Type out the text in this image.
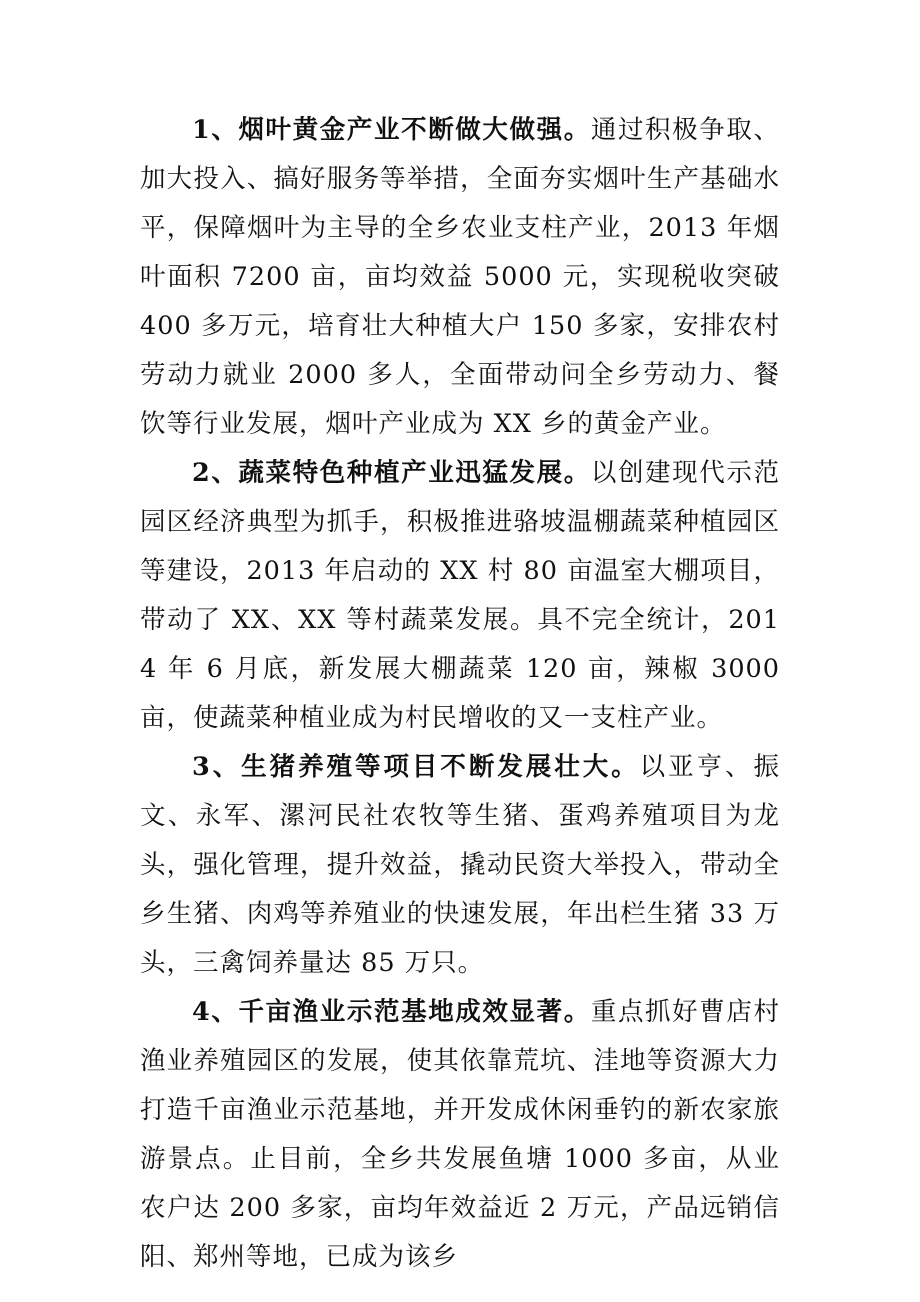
1、烟叶黄金产业不断做大做强。通过积极争取、加大投入、搞好服务等举措，全面夯实烟叶生产基础水平，保障烟叶为主导的全乡农业支柱产业，2013 年烟叶面积 7200 亩，亩均效益 5000 元，实现税收突破 400 多万元，培育壮大种植大户 150 多家，安排农村劳动力就业 2000 多人，全面带动问全乡劳动力、餐饮等行业发展，烟叶产业成为 XX 乡的黄金产业。

2、蔬菜特色种植产业迅猛发展。以创建现代示范园区经济典型为抓手，积极推进骆坡温棚蔬菜种植园区等建设，2013 年启动的 XX 村 80 亩温室大棚项目，带动了 XX、XX 等村蔬菜发展。具不完全统计，2014 年 6 月底，新发展大棚蔬菜 120 亩，辣椒 3000 亩，使蔬菜种植业成为村民增收的又一支柱产业。

3、生猪养殖等项目不断发展壮大。以亚亨、振文、永军、漯河民社农牧等生猪、蛋鸡养殖项目为龙头，强化管理，提升效益，撬动民资大举投入，带动全乡生猪、肉鸡等养殖业的快速发展，年出栏生猪 33 万头，三禽饲养量达 85 万只。

4、千亩渔业示范基地成效显著。重点抓好曹店村渔业养殖园区的发展，使其依靠荒坑、洼地等资源大力打造千亩渔业示范基地，并开发成休闲垂钓的新农家旅游景点。止目前，全乡共发展鱼塘 1000 多亩，从业农户达 200 多家，亩均年效益近 2 万元，产品远销信阳、郑州等地，已成为该乡
